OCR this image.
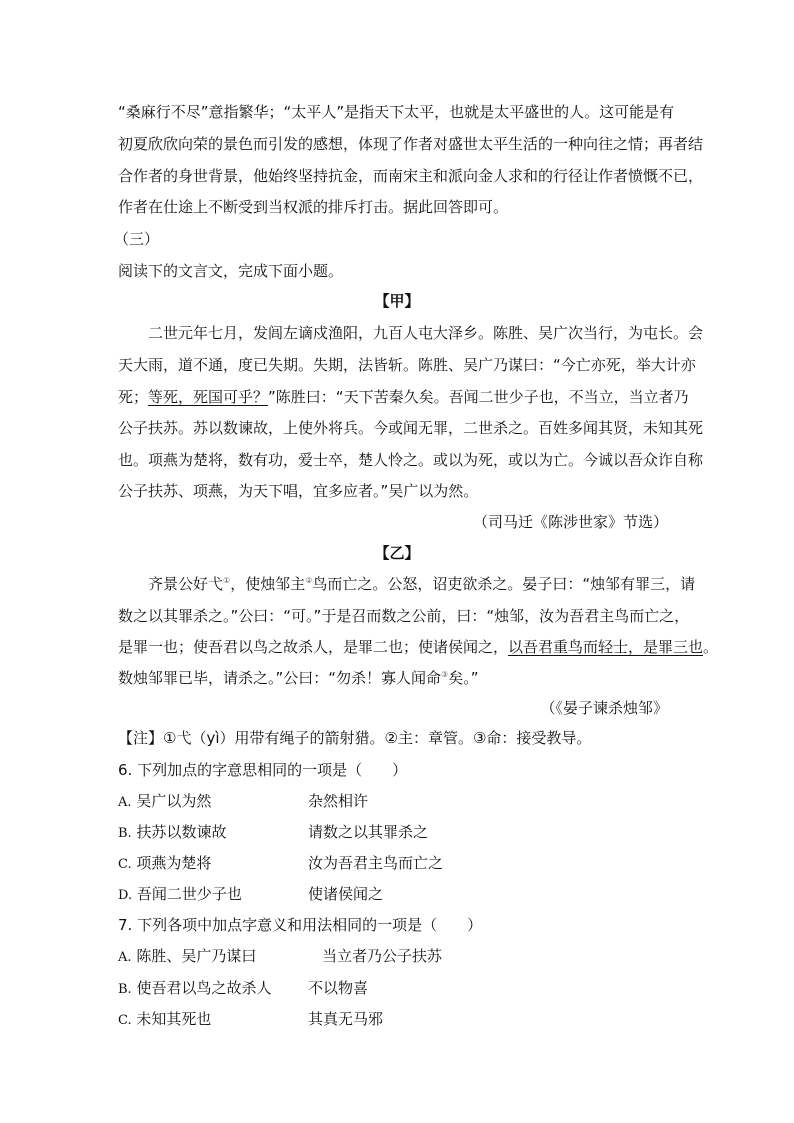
“桑麻行不尽”意指繁华；“太平人”是指天下太平，也就是太平盛世的人。这可能是有
初夏欣欣向荣的景色而引发的感想，体现了作者对盛世太平生活的一种向往之情；再者结
合作者的身世背景，他始终坚持抗金，而南宋主和派向金人求和的行径让作者愤慨不已，
作者在仕途上不断受到当权派的排斥打击。据此回答即可。
（三）
阅读下的文言文，完成下面小题。
【甲】
二世元年七月，发闾左谪戍渔阳，九百人屯大泽乡。陈胜、吴广次当行，为屯长。会
天大雨，道不通，度已失期。失期，法皆斩。陈胜、吴广乃谋曰：“今亡亦死，举大计亦
死；等死，死国可乎？”陈胜曰：“天下苦秦久矣。吾闻二世少子也，不当立，当立者乃
公子扶苏。苏以数谏故，上使外将兵。今或闻无罪，二世杀之。百姓多闻其贤，未知其死
也。项燕为楚将，数有功，爱士卒，楚人怜之。或以为死，或以为亡。今诚以吾众诈自称
公子扶苏、项燕，为天下唱，宜多应者。”吴广以为然。
（司马迁《陈涉世家》节选）
【乙】
齐景公好弋①，使烛邹主②鸟而亡之。公怒，诏吏欲杀之。晏子曰：“烛邹有罪三，请
数之以其罪杀之。”公曰：“可。”于是召而数之公前，曰：“烛邹，汝为吾君主鸟而亡之，
是罪一也；使吾君以鸟之故杀人，是罪二也；使诸侯闻之，以吾君重鸟而轻士，是罪三也。
数烛邹罪已毕，请杀之。”公曰：“勿杀！寡人闻命③矣。”
（《晏子谏杀烛邹》
【注】①弋（yì）用带有绳子的箭射猎。②主：章管。③命：接受教导。
6. 下列加点的字意思相同的一项是（　　）
A. 吴广以为然	杂然相许
B. 扶苏以数谏故	请数之以其罪杀之
C. 项燕为楚将	汝为吾君主鸟而亡之
D. 吾闻二世少子也	使诸侯闻之
7. 下列各项中加点字意义和用法相同的一项是（　　）
A. 陈胜、吴广乃谋曰	当立者乃公子扶苏
B. 使吾君以鸟之故杀人 不以物喜
C. 未知其死也	其真无马邪
